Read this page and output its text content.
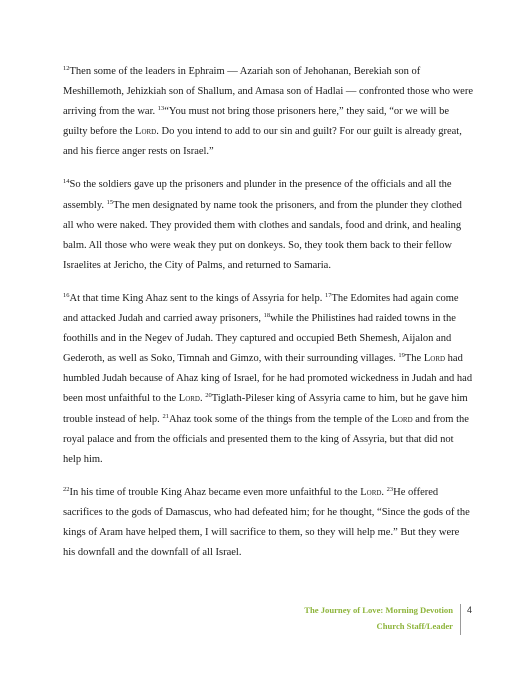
$^{12}$Then some of the leaders in Ephraim — Azariah son of Jehohanan, Berekiah son of Meshillemoth, Jehizkiah son of Shallum, and Amasa son of Hadlai — confronted those who were arriving from the war. $^{13}$“You must not bring those prisoners here,” they said, “or we will be guilty before the Lord. Do you intend to add to our sin and guilt? For our guilt is already great, and his fierce anger rests on Israel.”

$^{14}$So the soldiers gave up the prisoners and plunder in the presence of the officials and all the assembly. $^{15}$The men designated by name took the prisoners, and from the plunder they clothed all who were naked. They provided them with clothes and sandals, food and drink, and healing balm. All those who were weak they put on donkeys. So, they took them back to their fellow Israelites at Jericho, the City of Palms, and returned to Samaria.

$^{16}$At that time King Ahaz sent to the kings of Assyria for help. $^{17}$The Edomites had again come and attacked Judah and carried away prisoners, $^{18}$while the Philistines had raided towns in the foothills and in the Negev of Judah. They captured and occupied Beth Shemesh, Aijalon and Gederoth, as well as Soko, Timnah and Gimzo, with their surrounding villages. $^{19}$The Lord had humbled Judah because of Ahaz king of Israel, for he had promoted wickedness in Judah and had been most unfaithful to the Lord. $^{20}$Tiglath-Pileser king of Assyria came to him, but he gave him trouble instead of help. $^{21}$Ahaz took some of the things from the temple of the Lord and from the royal palace and from the officials and presented them to the king of Assyria, but that did not help him.

$^{22}$In his time of trouble King Ahaz became even more unfaithful to the Lord. $^{23}$He offered sacrifices to the gods of Damascus, who had defeated him; for he thought, “Since the gods of the kings of Aram have helped them, I will sacrifice to them, so they will help me.” But they were his downfall and the downfall of all Israel.

The Journey of Love: Morning Devotion
Church Staff/Leader
4
